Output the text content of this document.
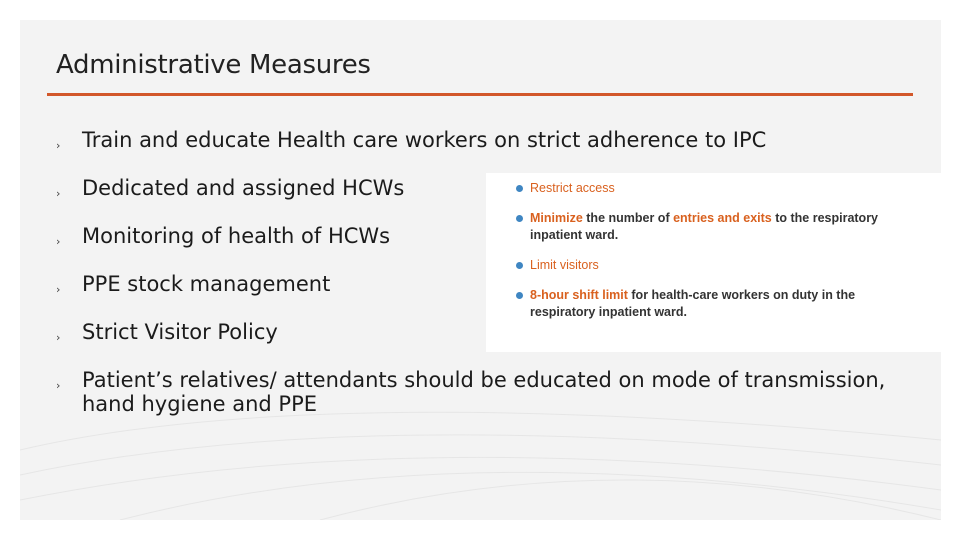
Administrative Measures
› Train and educate Health care workers on strict adherence to IPC
› Dedicated and assigned HCWs
› Monitoring of health of HCWs
› PPE stock management
› Strict Visitor Policy
› Patient’s relatives/ attendants should be educated on mode of transmission, hand hygiene and PPE
Restrict access
Minimize the number of entries and exits to the respiratory inpatient ward.
Limit visitors
8-hour shift limit for health-care workers on duty in the respiratory inpatient ward.
